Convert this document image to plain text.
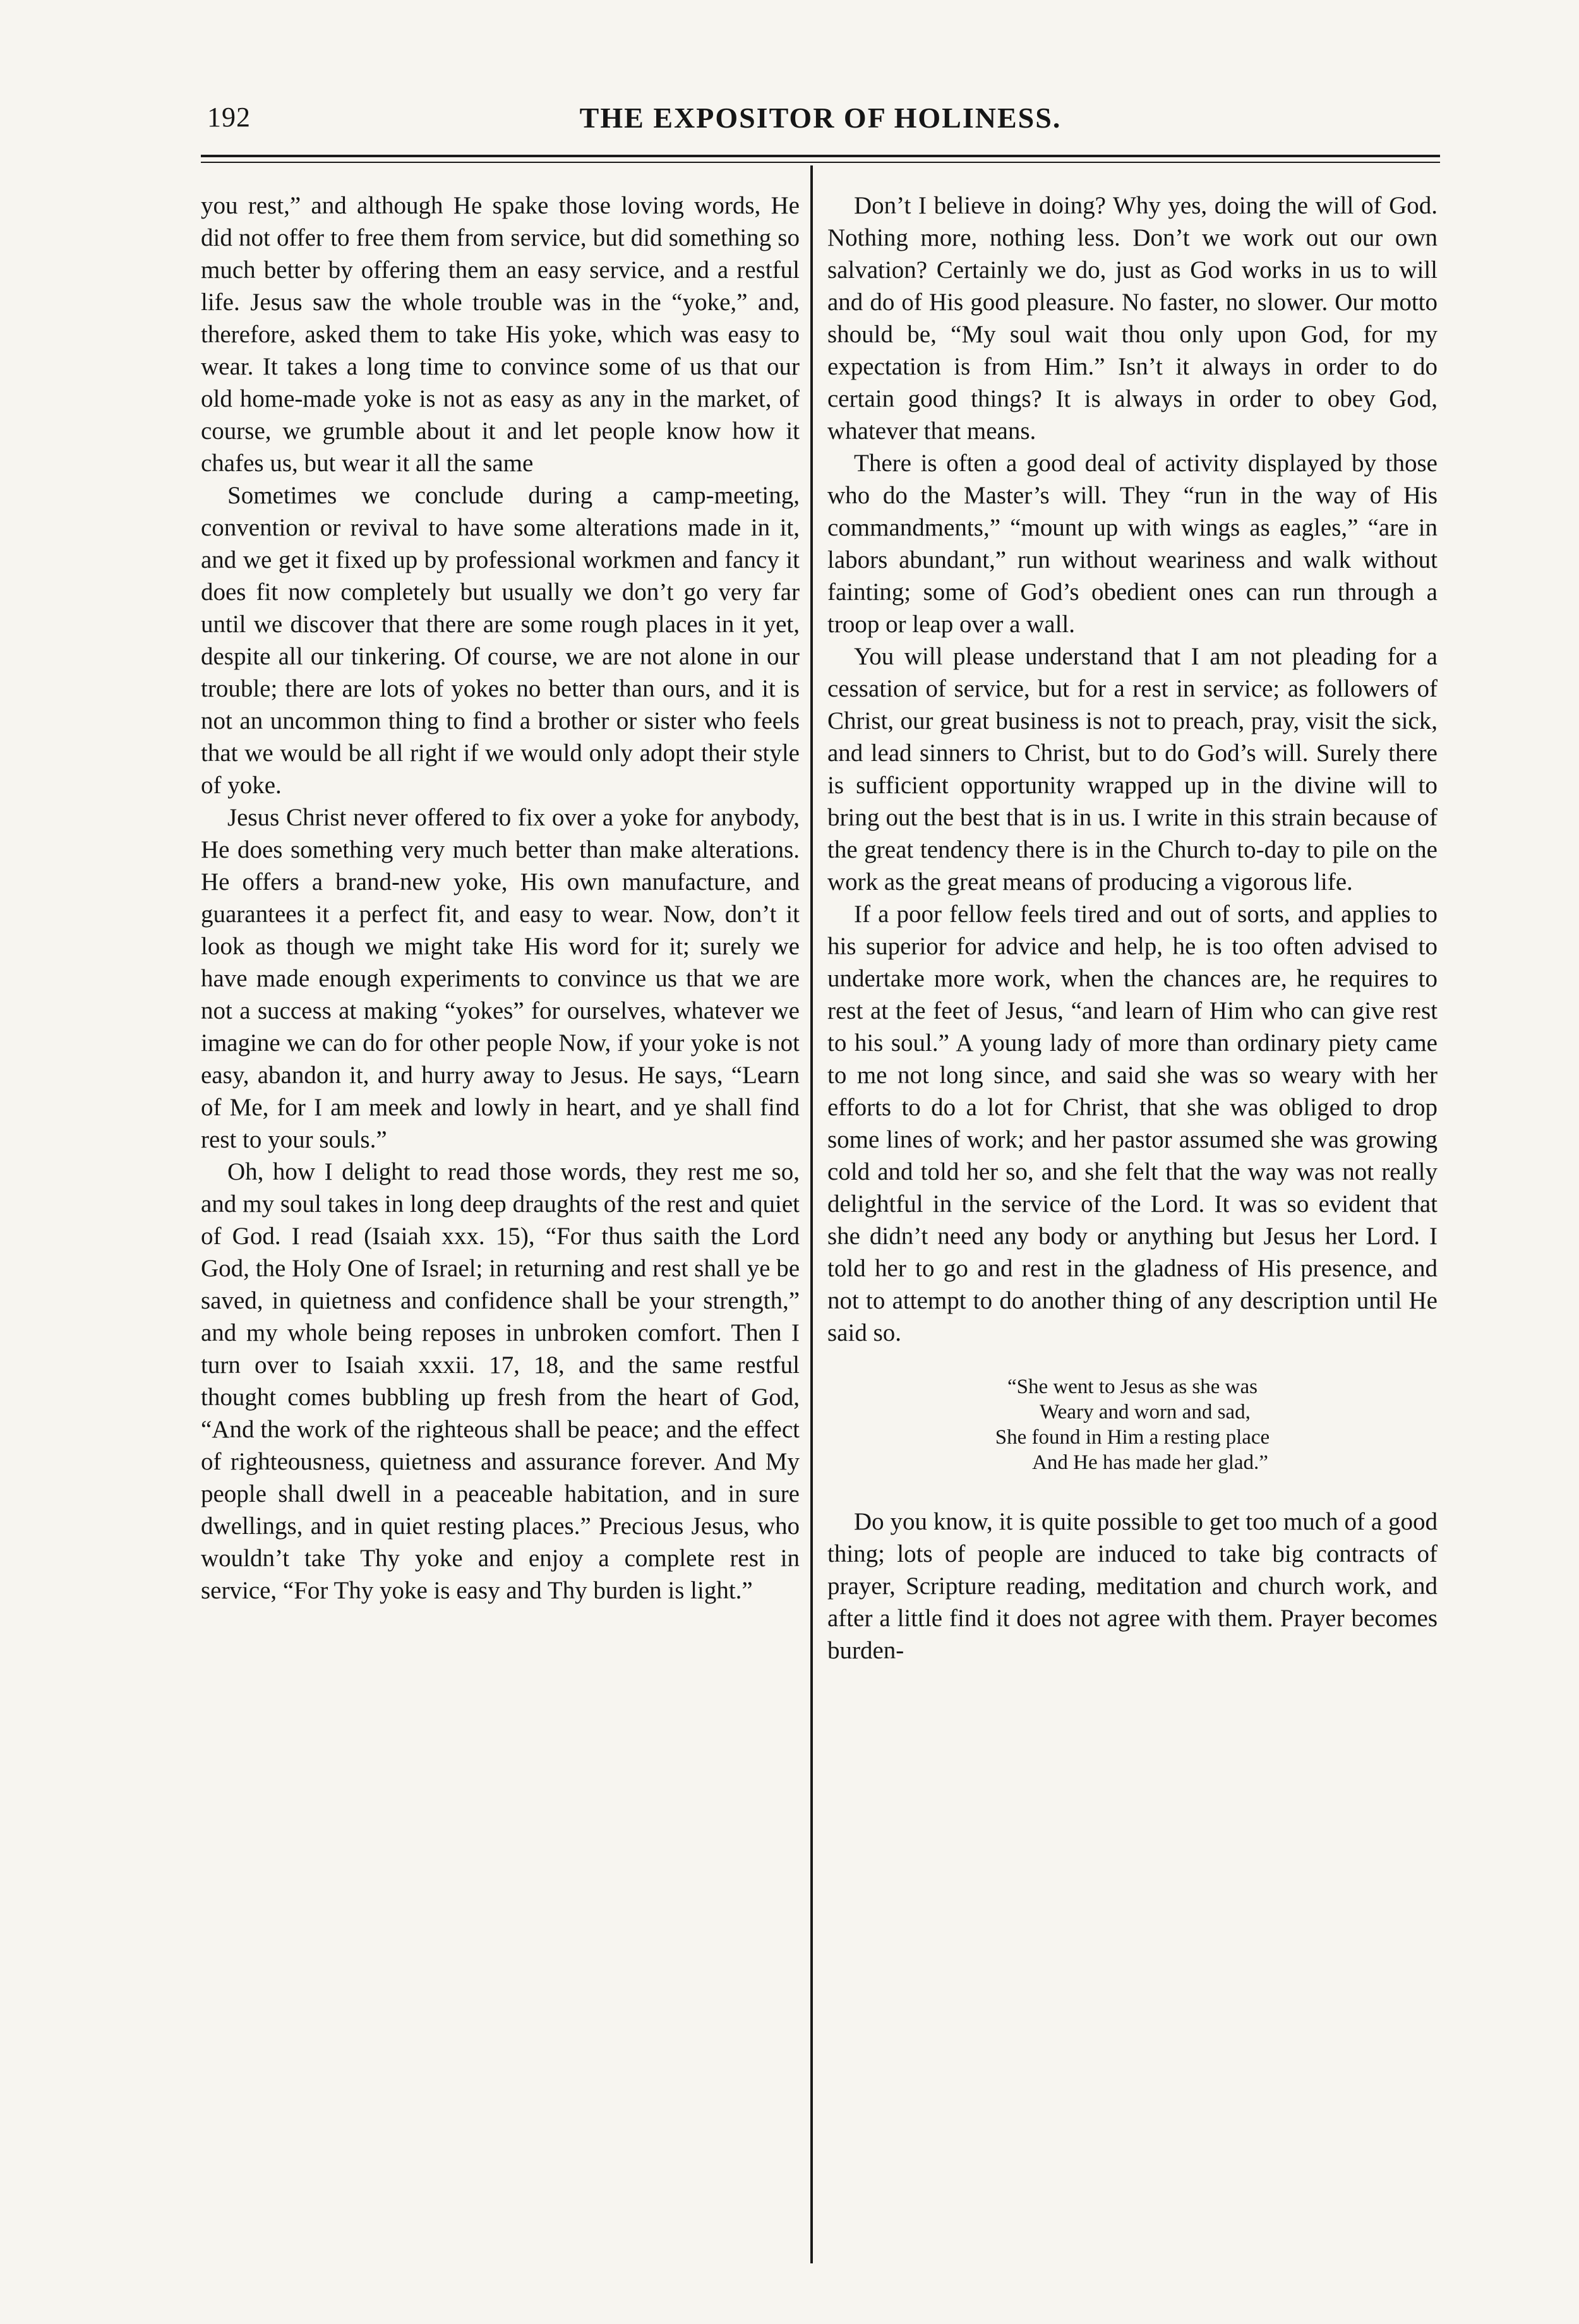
192	THE EXPOSITOR OF HOLINESS.

you rest,” and although He spake those loving words, He did not offer to free them from service, but did something so much better by offering them an easy service, and a restful life. Jesus saw the whole trouble was in the “yoke,” and, therefore, asked them to take His yoke, which was easy to wear. It takes a long time to convince some of us that our old home-made yoke is not as easy as any in the market, of course, we grumble about it and let people know how it chafes us, but wear it all the same

Sometimes we conclude during a camp-meeting, convention or revival to have some alterations made in it, and we get it fixed up by professional workmen and fancy it does fit now completely but usually we don’t go very far until we discover that there are some rough places in it yet, despite all our tinkering. Of course, we are not alone in our trouble; there are lots of yokes no better than ours, and it is not an uncommon thing to find a brother or sister who feels that we would be all right if we would only adopt their style of yoke.

Jesus Christ never offered to fix over a yoke for anybody, He does something very much better than make alterations. He offers a brand-new yoke, His own manufacture, and guarantees it a perfect fit, and easy to wear. Now, don’t it look as though we might take His word for it; surely we have made enough experiments to convince us that we are not a success at making “yokes” for ourselves, whatever we imagine we can do for other people Now, if your yoke is not easy, abandon it, and hurry away to Jesus. He says, “Learn of Me, for I am meek and lowly in heart, and ye shall find rest to your souls.”

Oh, how I delight to read those words, they rest me so, and my soul takes in long deep draughts of the rest and quiet of God. I read (Isaiah xxx. 15), “For thus saith the Lord God, the Holy One of Israel; in returning and rest shall ye be saved, in quietness and confidence shall be your strength,” and my whole being reposes in unbroken comfort. Then I turn over to Isaiah xxxii. 17, 18, and the same restful thought comes bubbling up fresh from the heart of God, “And the work of the righteous shall be peace; and the effect of righteousness, quietness and assurance forever. And My people shall dwell in a peaceable habitation, and in sure dwellings, and in quiet resting places.” Precious Jesus, who wouldn’t take Thy yoke and enjoy a complete rest in service, “For Thy yoke is easy and Thy burden is light.”

Don’t I believe in doing? Why yes, doing the will of God. Nothing more, nothing less. Don’t we work out our own salvation? Certainly we do, just as God works in us to will and do of His good pleasure. No faster, no slower. Our motto should be, “My soul wait thou only upon God, for my expectation is from Him.” Isn’t it always in order to do certain good things? It is always in order to obey God, whatever that means.

There is often a good deal of activity displayed by those who do the Master’s will. They “run in the way of His commandments,” “mount up with wings as eagles,” “are in labors abundant,” run without weariness and walk without fainting; some of God’s obedient ones can run through a troop or leap over a wall.

You will please understand that I am not pleading for a cessation of service, but for a rest in service; as followers of Christ, our great business is not to preach, pray, visit the sick, and lead sinners to Christ, but to do God’s will. Surely there is sufficient opportunity wrapped up in the divine will to bring out the best that is in us. I write in this strain because of the great tendency there is in the Church to-day to pile on the work as the great means of producing a vigorous life.

If a poor fellow feels tired and out of sorts, and applies to his superior for advice and help, he is too often advised to undertake more work, when the chances are, he requires to rest at the feet of Jesus, “and learn of Him who can give rest to his soul.” A young lady of more than ordinary piety came to me not long since, and said she was so weary with her efforts to do a lot for Christ, that she was obliged to drop some lines of work; and her pastor assumed she was growing cold and told her so, and she felt that the way was not really delightful in the service of the Lord. It was so evident that she didn’t need any body or anything but Jesus her Lord. I told her to go and rest in the gladness of His presence, and not to attempt to do another thing of any description until He said so.

“She went to Jesus as she was
Weary and worn and sad,
She found in Him a resting place
And He has made her glad.”

Do you know, it is quite possible to get too much of a good thing; lots of people are induced to take big contracts of prayer, Scripture reading, meditation and church work, and after a little find it does not agree with them. Prayer becomes burden-
